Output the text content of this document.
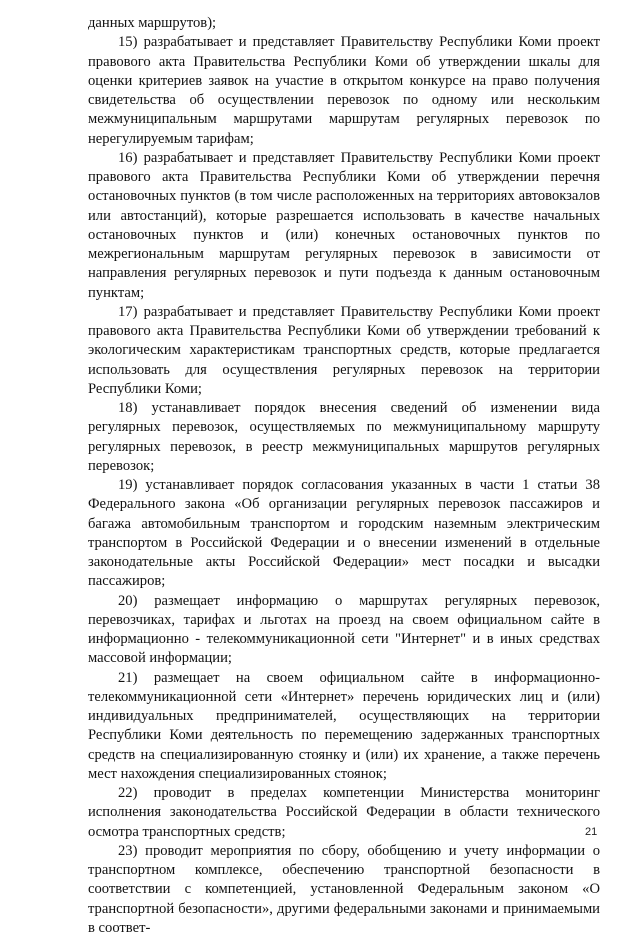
данных маршрутов);

15) разрабатывает и представляет Правительству Республики Коми проект правового акта Правительства Республики Коми об утверждении шкалы для оценки критериев заявок на участие в открытом конкурсе на право получения свидетельства об осуществлении перевозок по одному или нескольким межмуниципальным маршрутами маршрутам регулярных перевозок по нерегулируемым тарифам;

16) разрабатывает и представляет Правительству Республики Коми проект правового акта Правительства Республики Коми об утверждении перечня остановочных пунктов (в том числе расположенных на территориях автовокзалов или автостанций), которые разрешается использовать в качестве начальных остановочных пунктов и (или) конечных остановочных пунктов по межрегиональным маршрутам регулярных перевозок в зависимости от направления регулярных перевозок и пути подъезда к данным остановочным пунктам;

17) разрабатывает и представляет Правительству Республики Коми проект правового акта Правительства Республики Коми об утверждении требований к экологическим характеристикам транспортных средств, которые предлагается использовать для осуществления регулярных перевозок на территории Республики Коми;

18) устанавливает порядок внесения сведений об изменении вида регулярных перевозок, осуществляемых по межмуниципальному маршруту регулярных перевозок, в реестр межмуниципальных маршрутов регулярных перевозок;

19) устанавливает порядок согласования указанных в части 1 статьи 38 Федерального закона «Об организации регулярных перевозок пассажиров и багажа автомобильным транспортом и городским наземным электрическим транспортом в Российской Федерации и о внесении изменений в отдельные законодательные акты Российской Федерации» мест посадки и высадки пассажиров;

20) размещает информацию о маршрутах регулярных перевозок, перевозчиках, тарифах и льготах на проезд на своем официальном сайте в информационно - телекоммуникационной сети "Интернет" и в иных средствах массовой информации;

21) размещает на своем официальном сайте в информационно-телекоммуникационной сети «Интернет» перечень юридических лиц и (или) индивидуальных предпринимателей, осуществляющих на территории Республики Коми деятельность по перемещению задержанных транспортных средств на специализированную стоянку и (или) их хранение, а также перечень мест нахождения специализированных стоянок;

22) проводит в пределах компетенции Министерства мониторинг исполнения законодательства Российской Федерации в области технического осмотра транспортных средств;

23) проводит мероприятия по сбору, обобщению и учету информации о транспортном комплексе, обеспечению транспортной безопасности в соответствии с компетенцией, установленной Федеральным законом «О транспортной безопасности», другими федеральными законами и принимаемыми в соответ-

21
